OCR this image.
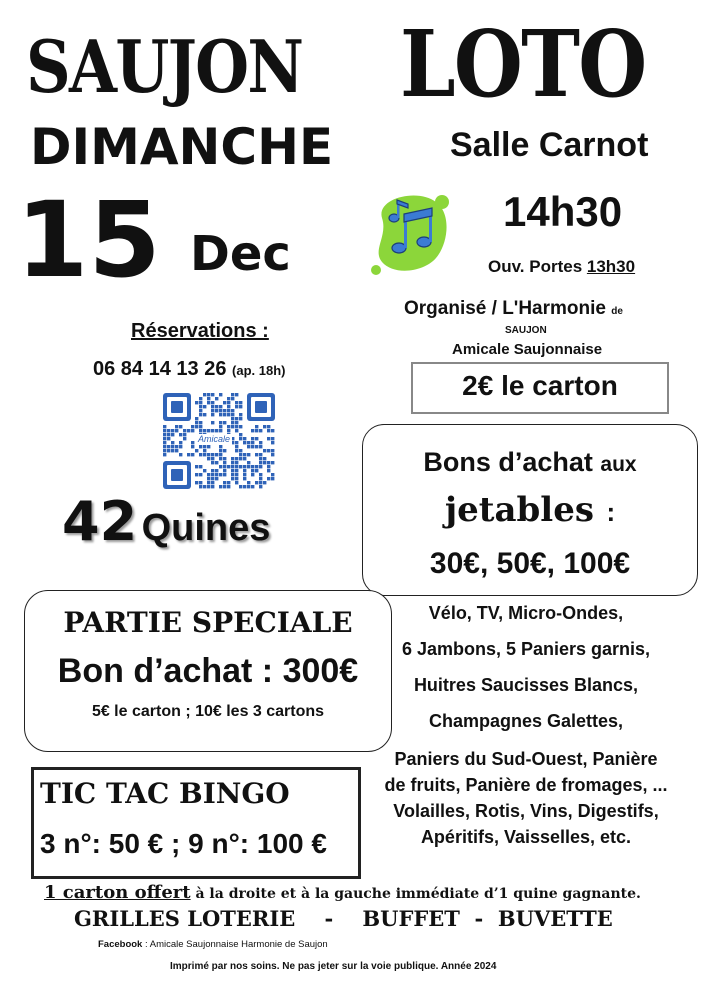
SAUJON LOTO
DIMANCHE	Salle Carnot
15 Dec
14h30
Ouv. Portes 13h30
Organisé / L'Harmonie de
SAUJON
Amicale Saujonnaise
Réservations :
06 84 14 13 26 (ap. 18h)
Amicale
2€ le carton
Bons d’achat aux
jetables :
30€, 50€, 100€
42 Quines
PARTIE SPECIALE
Bon d’achat : 300€
5€ le carton ; 10€ les 3 cartons
Vélo, TV, Micro-Ondes,
6 Jambons, 5 Paniers garnis,
Huitres Saucisses Blancs,
Champagnes Galettes,
Paniers du Sud-Ouest, Panière
de fruits, Panière de fromages, ...
Volailles, Rotis, Vins, Digestifs,
Apéritifs, Vaisselles, etc.
TIC TAC BINGO
3 n°: 50 € ; 9 n°: 100 €
1 carton offert à la droite et à la gauche immédiate d’1 quine gagnante.
GRILLES LOTERIE    -    BUFFET  -  BUVETTE
Facebook : Amicale Saujonnaise Harmonie de Saujon
Imprimé par nos soins. Ne pas jeter sur la voie publique. Année 2024
